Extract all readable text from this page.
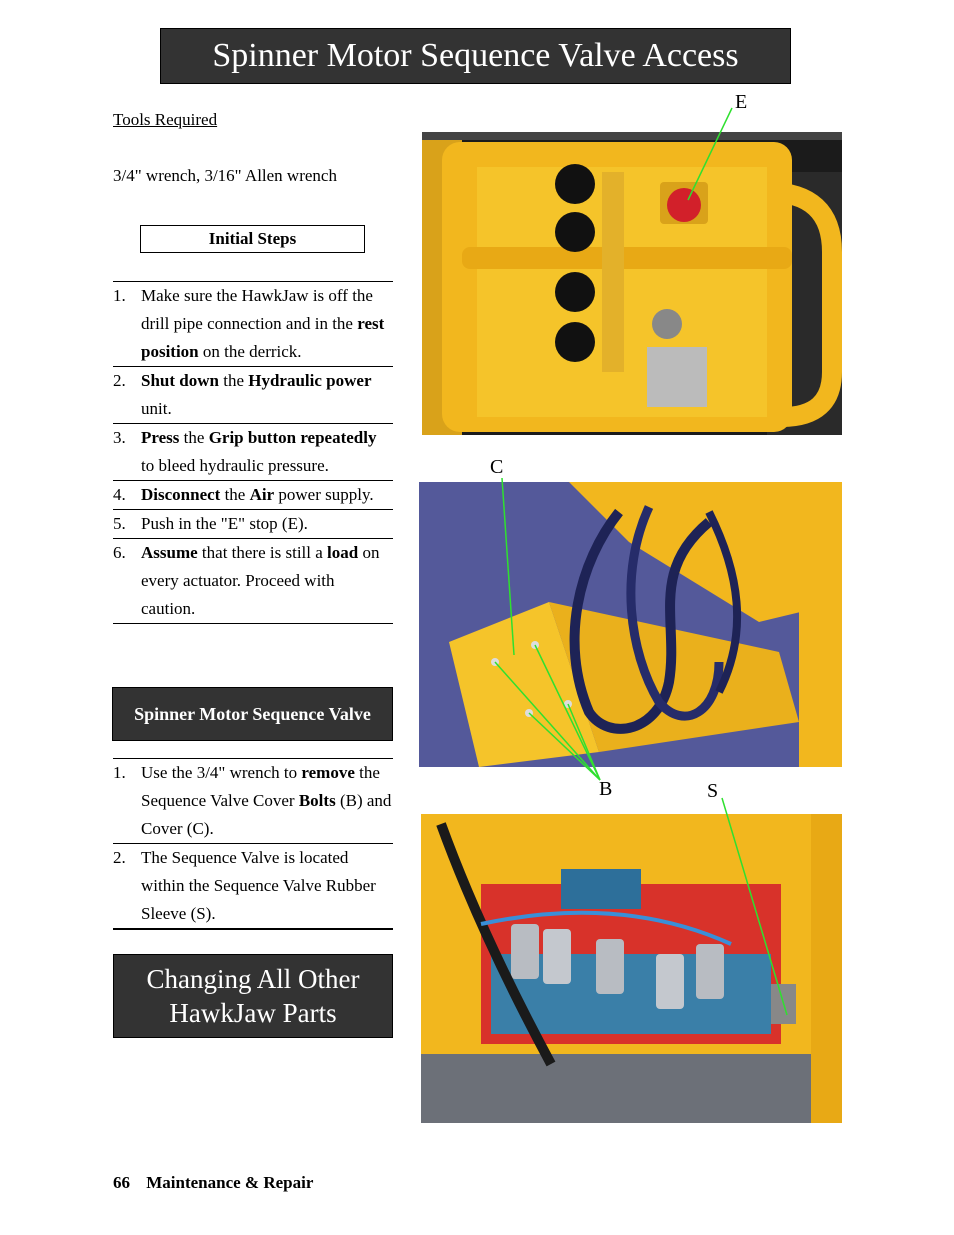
Spinner Motor Sequence Valve Access
Tools Required
3/4" wrench, 3/16" Allen wrench
Initial Steps
1. Make sure the HawkJaw is off the drill pipe connection and in the rest position on the derrick.
2. Shut down the Hydraulic power unit.
3. Press the Grip button repeatedly to bleed hydraulic pressure.
4. Disconnect the Air power supply.
5. Push in the "E" stop (E).
6. Assume that there is still a load on every actuator. Proceed with caution.
Spinner Motor Sequence Valve
1. Use the 3/4" wrench to remove the Sequence Valve Cover Bolts (B) and Cover (C).
2. The Sequence Valve is located within the Sequence Valve Rubber Sleeve (S).
Changing All Other HawkJaw Parts
66 Maintenance & Repair
E
C
B	S
